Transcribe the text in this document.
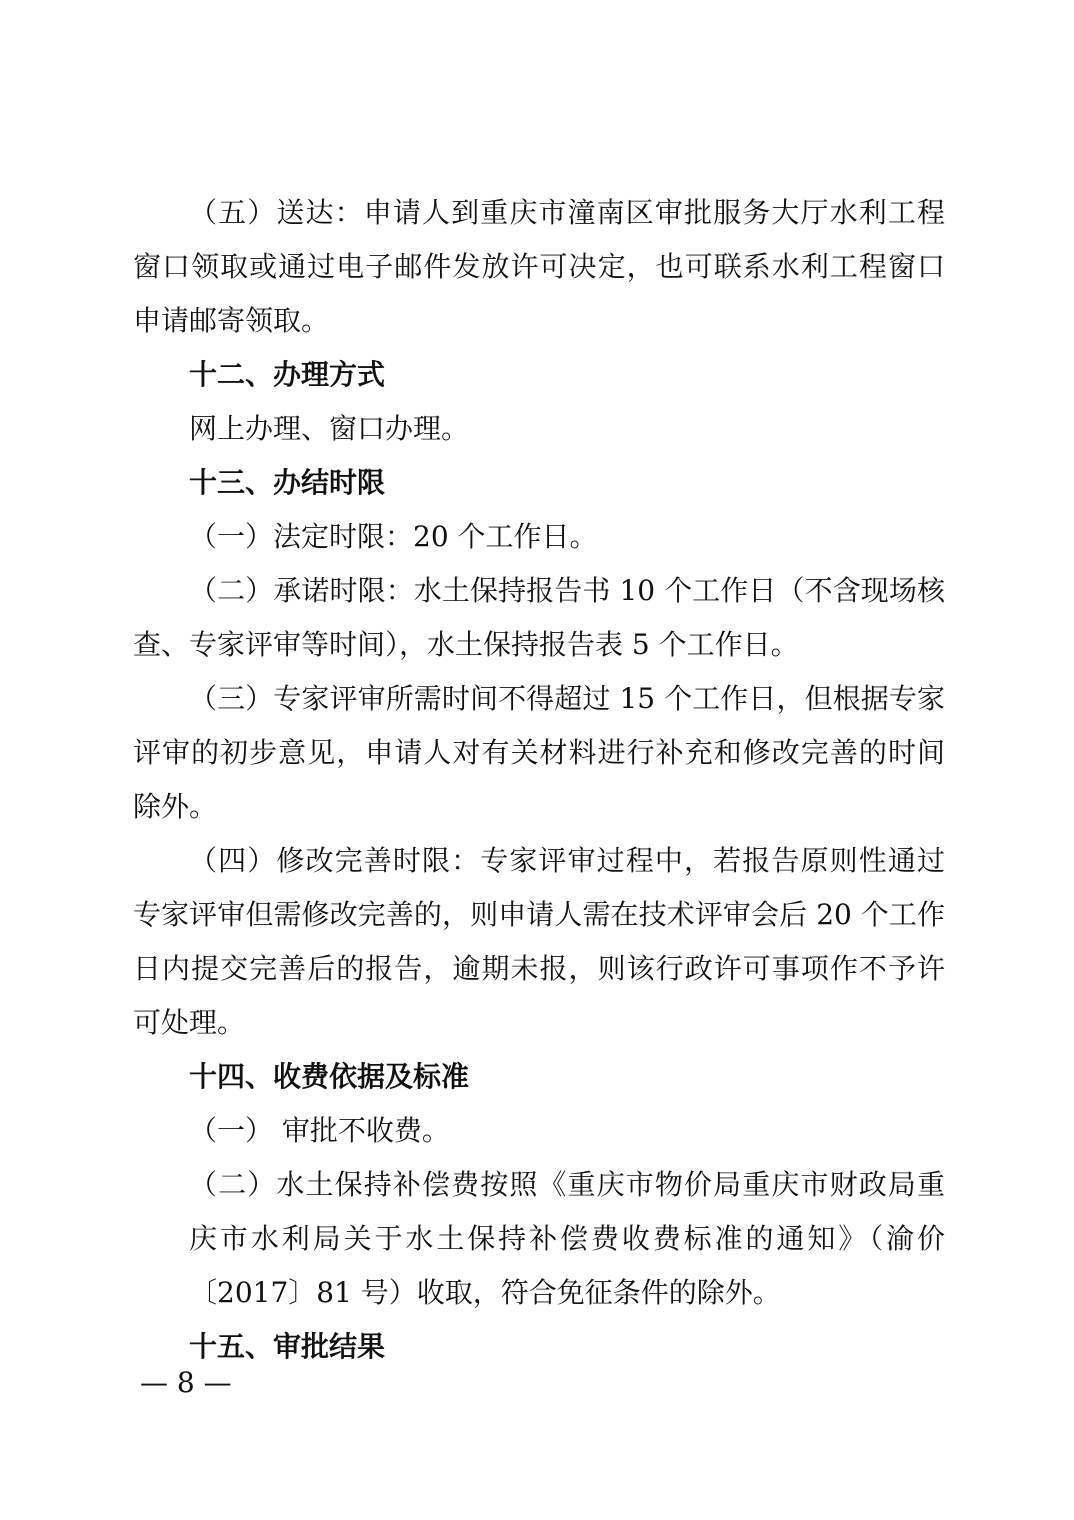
（五）送达：申请人到重庆市潼南区审批服务大厅水利工程
窗口领取或通过电子邮件发放许可决定，也可联系水利工程窗口
申请邮寄领取。
十二、办理方式
网上办理、窗口办理。
十三、办结时限
（一）法定时限：20 个工作日。
（二）承诺时限：水土保持报告书 10 个工作日（不含现场核
查、专家评审等时间），水土保持报告表 5 个工作日。
（三）专家评审所需时间不得超过 15 个工作日，但根据专家
评审的初步意见，申请人对有关材料进行补充和修改完善的时间
除外。
（四）修改完善时限：专家评审过程中，若报告原则性通过
专家评审但需修改完善的，则申请人需在技术评审会后 20 个工作
日内提交完善后的报告，逾期未报，则该行政许可事项作不予许
可处理。
十四、收费依据及标准
（一） 审批不收费。
（二）水土保持补偿费按照《重庆市物价局重庆市财政局重
庆市水利局关于水土保持补偿费收费标准的通知》（渝价
〔2017〕81 号）收取，符合免征条件的除外。
十五、审批结果
— 8 —
